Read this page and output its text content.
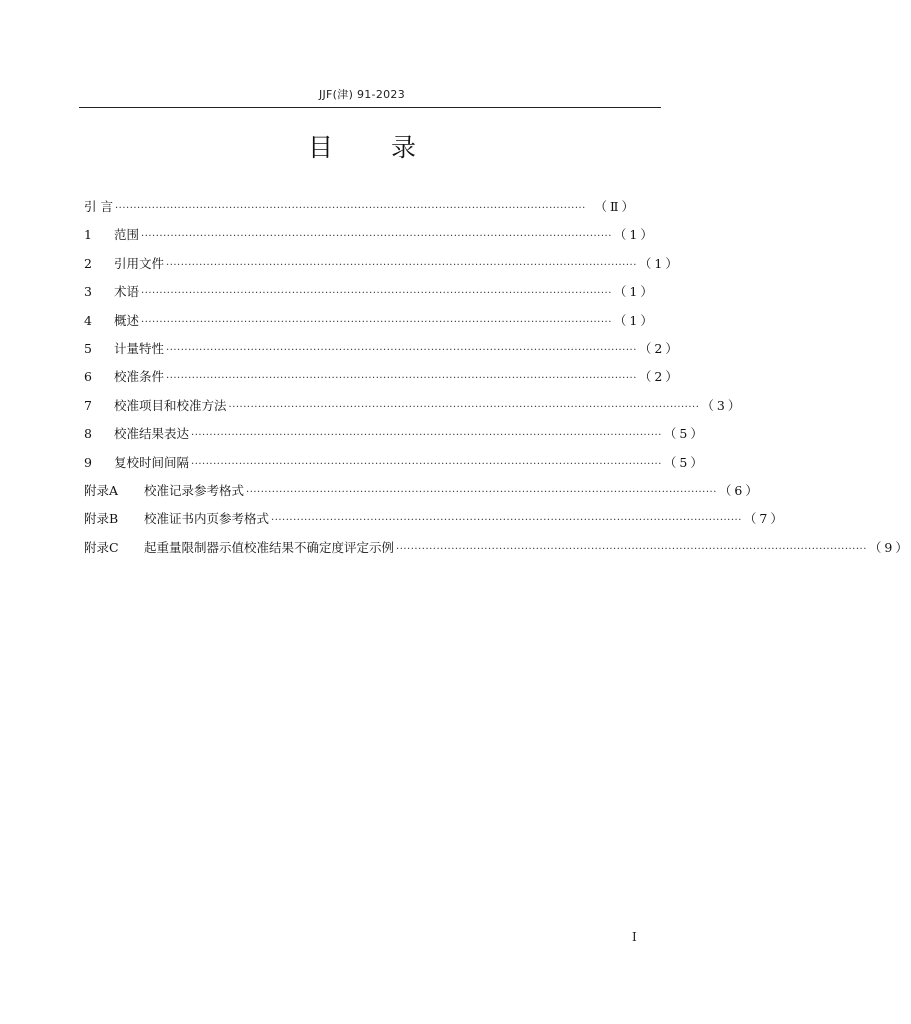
JJF(津) 91-2023
目 录
引 言 ································································································································ （Ⅱ）
1	范围 ································································································································ （1）
2	引用文件 ································································································································ （1）
3	术语 ································································································································ （1）
4	概述 ································································································································ （1）
5	计量特性 ································································································································ （2）
6	校准条件 ································································································································ （2）
7	校准项目和校准方法 ································································································································ （3）
8	校准结果表达 ································································································································ （5）
9	复校时间间隔 ································································································································ （5）
附录A	校准记录参考格式 ································································································································ （6）
附录B	校准证书内页参考格式 ································································································································ （7）
附录C	起重量限制器示值校准结果不确定度评定示例 ································································································································ （9）
Ⅰ
